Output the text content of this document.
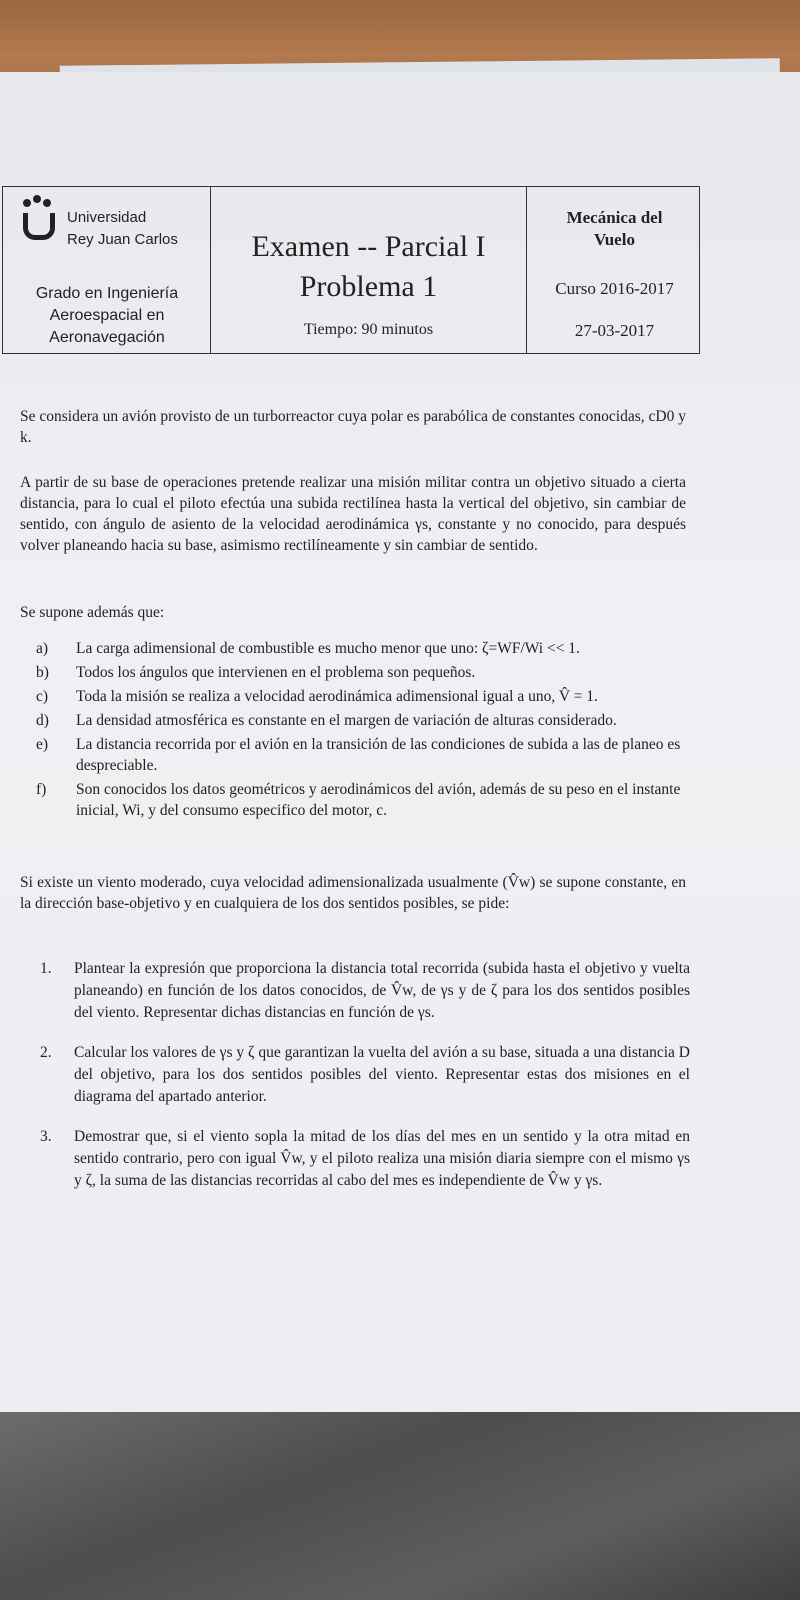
Universidad
Rey Juan Carlos
Grado en Ingeniería
Aeroespacial en
Aeronavegación
Examen -- Parcial I
Problema 1
Tiempo: 90 minutos
Mecánica del
Vuelo
Curso 2016-2017
27-03-2017
Se considera un avión provisto de un turborreactor cuya polar es parabólica de constantes conocidas, cD0 y k.
A partir de su base de operaciones pretende realizar una misión militar contra un objetivo situado a cierta distancia, para lo cual el piloto efectúa una subida rectilínea hasta la vertical del objetivo, sin cambiar de sentido, con ángulo de asiento de la velocidad aerodinámica γs, constante y no conocido, para después volver planeando hacia su base, asimismo rectilíneamente y sin cambiar de sentido.
Se supone además que:
a) La carga adimensional de combustible es mucho menor que uno: ζ=WF/Wi << 1.
b) Todos los ángulos que intervienen en el problema son pequeños.
c) Toda la misión se realiza a velocidad aerodinámica adimensional igual a uno, V̂ = 1.
d) La densidad atmosférica es constante en el margen de variación de alturas considerado.
e) La distancia recorrida por el avión en la transición de las condiciones de subida a las de planeo es despreciable.
f) Son conocidos los datos geométricos y aerodinámicos del avión, además de su peso en el instante inicial, Wi, y del consumo especifico del motor, c.
Si existe un viento moderado, cuya velocidad adimensionalizada usualmente (V̂w) se supone constante, en la dirección base-objetivo y en cualquiera de los dos sentidos posibles, se pide:
1. Plantear la expresión que proporciona la distancia total recorrida (subida hasta el objetivo y vuelta planeando) en función de los datos conocidos, de V̂w, de γs y de ζ para los dos sentidos posibles del viento. Representar dichas distancias en función de γs.
2. Calcular los valores de γs y ζ que garantizan la vuelta del avión a su base, situada a una distancia D del objetivo, para los dos sentidos posibles del viento. Representar estas dos misiones en el diagrama del apartado anterior.
3. Demostrar que, si el viento sopla la mitad de los días del mes en un sentido y la otra mitad en sentido contrario, pero con igual V̂w, y el piloto realiza una misión diaria siempre con el mismo γs y ζ, la suma de las distancias recorridas al cabo del mes es independiente de V̂w y γs.
